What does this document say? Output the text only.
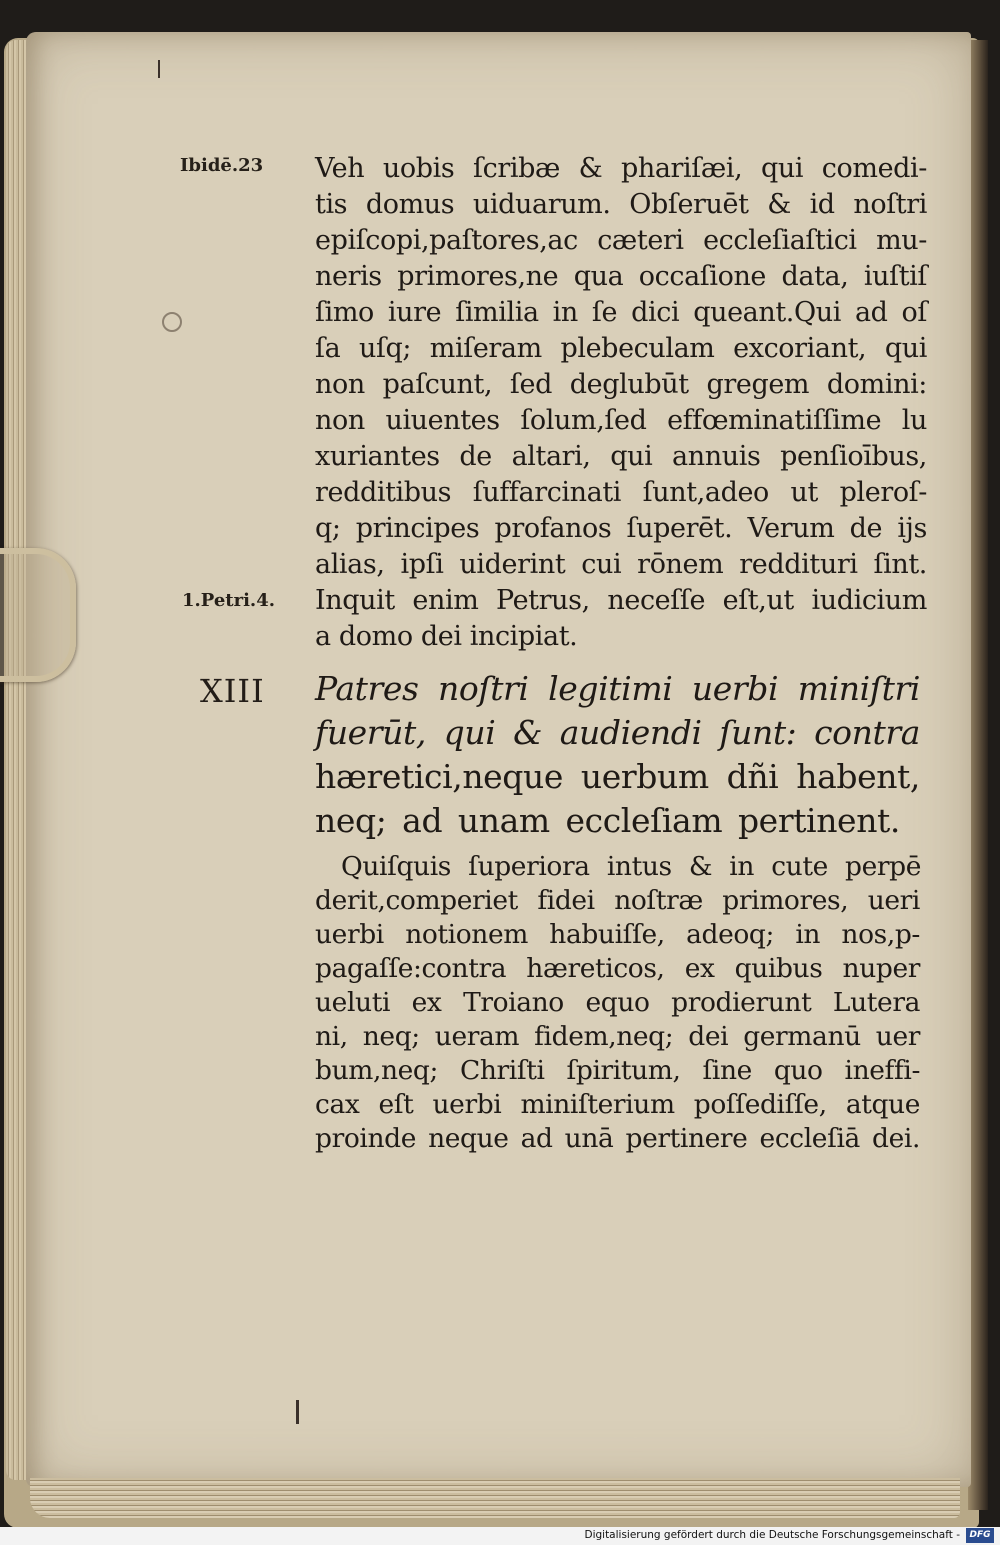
Ibidē.23
1.Petri.4.
Veh uobis ſcribæ & phariſæi, qui comedi-
tis domus uiduarum. Obſeruēt & id noſtri
epiſcopi,paſtores,ac cæteri eccleſiaſtici mu-
neris primores,ne qua occaſione data, iuſtiſ
ſimo iure ſimilia in ſe dici queant.Qui ad oſ
ſa uſq; miſeram plebeculam excoriant, qui
non paſcunt, ſed deglubūt gregem domini:
non uiuentes ſolum,ſed effœminatiſſime lu
xuriantes de altari, qui annuis penſioībus,
redditibus ſuffarcinati ſunt,adeo ut pleroſ-
q; principes profanos ſuperēt. Verum de ijs
alias, ipſi uiderint cui rōnem reddituri ſint.
Inquit enim Petrus, neceſſe eſt,ut iudicium
a domo dei incipiat.
XIII Patres noſtri legitimi uerbi miniſtri
fuerūt, qui & audiendi ſunt: contra
hæretici,neque uerbum dñi habent,
neq; ad unam eccleſiam pertinent.
Quiſquis ſuperiora intus & in cute perpē
derit,comperiet fidei noſtræ primores, ueri
uerbi notionem habuiſſe, adeoq; in nos,p-
pagaſſe:contra hæreticos, ex quibus nuper
ueluti ex Troiano equo prodierunt Lutera
ni, neq; ueram fidem,neq; dei germanū uer
bum,neq; Chriſti ſpiritum, ſine quo ineffi-
cax eſt uerbi miniſterium poſſediſſe, atque
proinde neque ad unā pertinere eccleſiā dei.
Digitalisierung gefördert durch die Deutsche Forschungsgemeinschaft -	DFG
